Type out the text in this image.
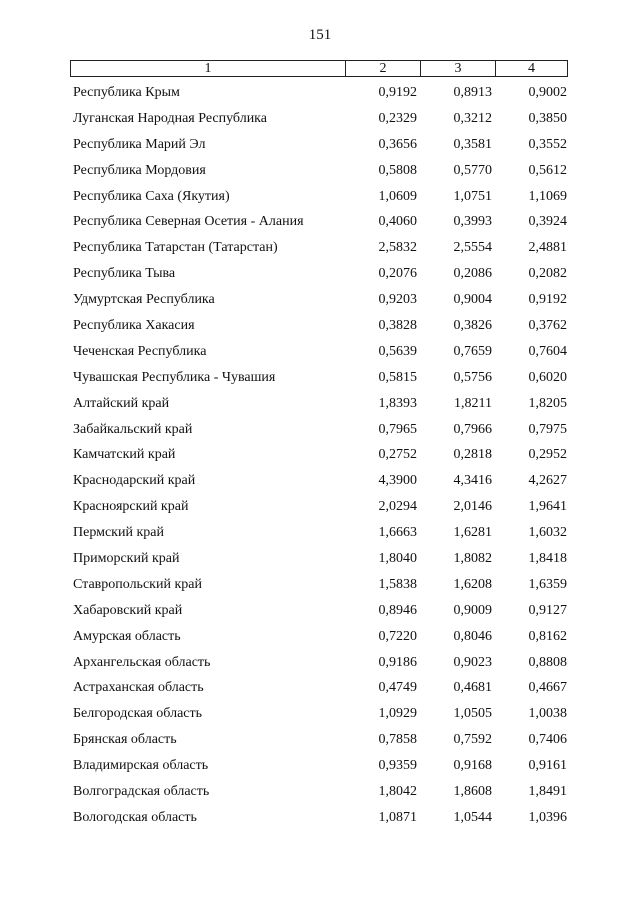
151
1	2	3	4
Республика Крым	0,9192	0,8913	0,9002
Луганская Народная Республика	0,2329	0,3212	0,3850
Республика Марий Эл	0,3656	0,3581	0,3552
Республика Мордовия	0,5808	0,5770	0,5612
Республика Саха (Якутия)	1,0609	1,0751	1,1069
Республика Северная Осетия - Алания	0,4060	0,3993	0,3924
Республика Татарстан (Татарстан)	2,5832	2,5554	2,4881
Республика Тыва	0,2076	0,2086	0,2082
Удмуртская Республика	0,9203	0,9004	0,9192
Республика Хакасия	0,3828	0,3826	0,3762
Чеченская Республика	0,5639	0,7659	0,7604
Чувашская Республика - Чувашия	0,5815	0,5756	0,6020
Алтайский край	1,8393	1,8211	1,8205
Забайкальский край	0,7965	0,7966	0,7975
Камчатский край	0,2752	0,2818	0,2952
Краснодарский край	4,3900	4,3416	4,2627
Красноярский край	2,0294	2,0146	1,9641
Пермский край	1,6663	1,6281	1,6032
Приморский край	1,8040	1,8082	1,8418
Ставропольский край	1,5838	1,6208	1,6359
Хабаровский край	0,8946	0,9009	0,9127
Амурская область	0,7220	0,8046	0,8162
Архангельская область	0,9186	0,9023	0,8808
Астраханская область	0,4749	0,4681	0,4667
Белгородская область	1,0929	1,0505	1,0038
Брянская область	0,7858	0,7592	0,7406
Владимирская область	0,9359	0,9168	0,9161
Волгоградская область	1,8042	1,8608	1,8491
Вологодская область	1,0871	1,0544	1,0396
